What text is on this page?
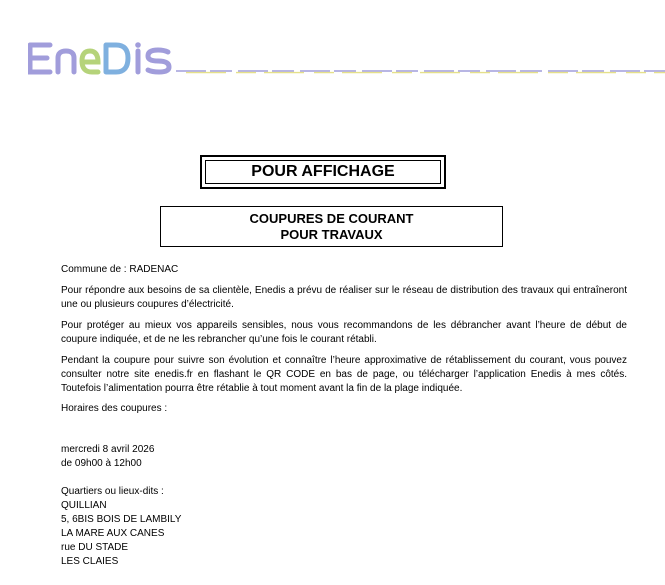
POUR AFFICHAGE
COUPURES DE COURANT
POUR TRAVAUX
Commune de : RADENAC

Pour répondre aux besoins de sa clientèle, Enedis a prévu de réaliser sur le réseau de distribution des travaux qui entraîneront une ou plusieurs coupures d’électricité.

Pour protéger au mieux vos appareils sensibles, nous vous recommandons de les débrancher avant l’heure de début de coupure indiquée, et de ne les rebrancher qu’une fois le courant rétabli.

Pendant la coupure pour suivre son évolution et connaître l’heure approximative de rétablissement du courant, vous pouvez consulter notre site enedis.fr en flashant le QR CODE en bas de page, ou télécharger l’application Enedis à mes côtés. Toutefois l’alimentation pourra être rétablie à tout moment avant la fin de la plage indiquée.

Horaires des coupures :
mercredi 8 avril 2026
de 09h00 à 12h00
Quartiers ou lieux-dits :
QUILLIAN
5, 6BIS BOIS DE LAMBILY
LA MARE AUX CANES
rue DU STADE
LES CLAIES
